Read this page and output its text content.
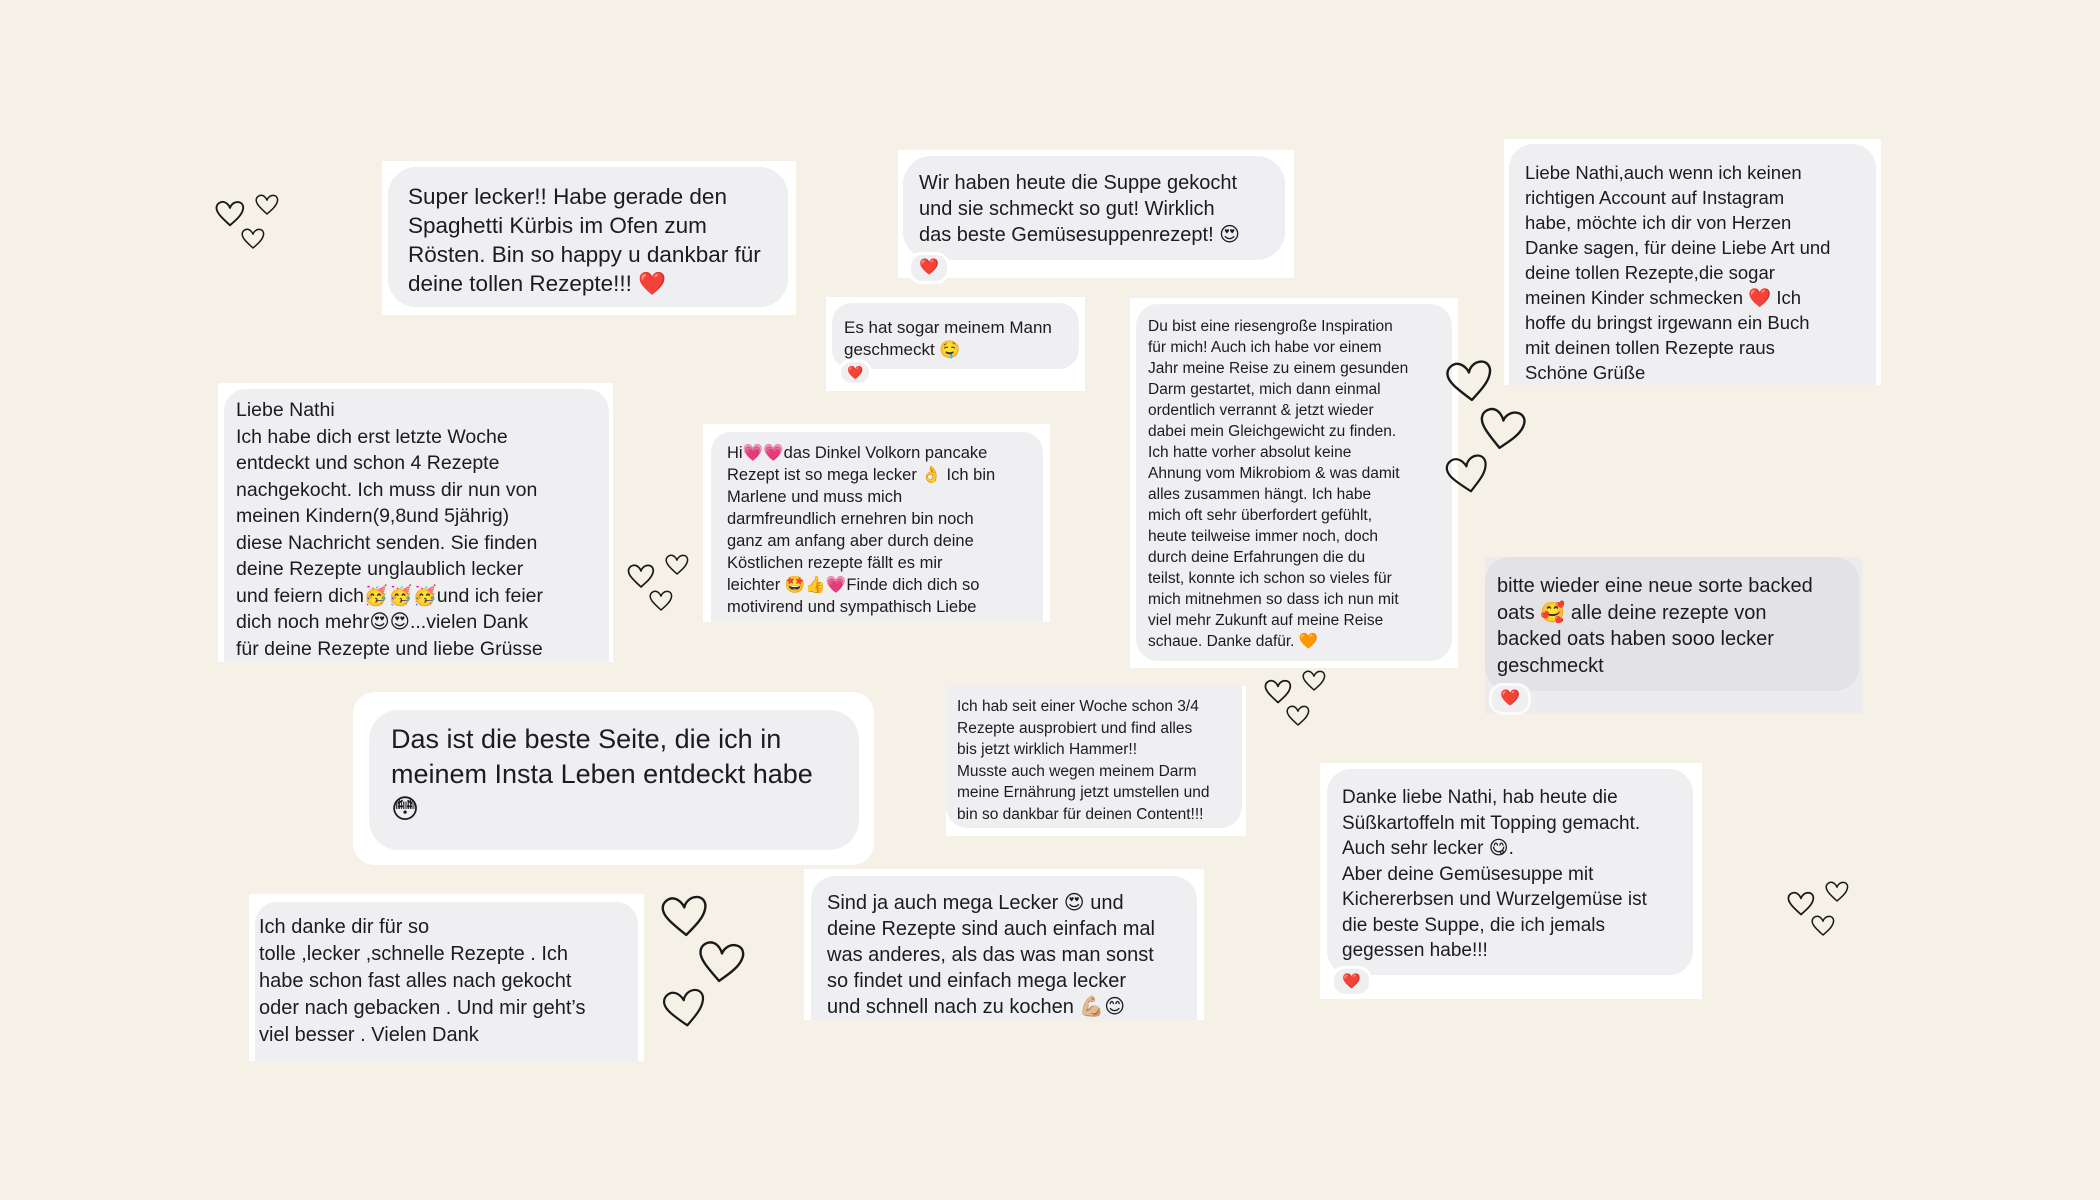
Super lecker!! Habe gerade den
Spaghetti Kürbis im Ofen zum
Rösten. Bin so happy u dankbar für
deine tollen Rezepte!!! ❤️

Wir haben heute die Suppe gekocht
und sie schmeckt so gut! Wirklich
das beste Gemüsesuppenrezept! 😍

❤️

Liebe Nathi,auch wenn ich keinen
richtigen Account auf Instagram
habe, möchte ich dir von Herzen
Danke sagen, für deine Liebe Art und
deine tollen Rezepte,die sogar
meinen Kinder schmecken ❤️ Ich
hoffe du bringst irgewann ein Buch
mit deinen tollen Rezepte raus
Schöne Grüße

Es hat sogar meinem Mann
geschmeckt 🤤

❤️

Du bist eine riesengroße Inspiration
für mich! Auch ich habe vor einem
Jahr meine Reise zu einem gesunden
Darm gestartet, mich dann einmal
ordentlich verrannt & jetzt wieder
dabei mein Gleichgewicht zu finden.
Ich hatte vorher absolut keine
Ahnung vom Mikrobiom & was damit
alles zusammen hängt. Ich habe
mich oft sehr überfordert gefühlt,
heute teilweise immer noch, doch
durch deine Erfahrungen die du
teilst, konnte ich schon so vieles für
mich mitnehmen so dass ich nun mit
viel mehr Zukunft auf meine Reise
schaue. Danke dafür. 🧡

Liebe Nathi
Ich habe dich erst letzte Woche
entdeckt und schon 4 Rezepte
nachgekocht. Ich muss dir nun von
meinen Kindern(9,8und 5jährig)
diese Nachricht senden. Sie finden
deine Rezepte unglaublich lecker
und feiern dich🥳🥳🥳und ich feier
dich noch mehr😍😍...vielen Dank
für deine Rezepte und liebe Grüsse

Hi💗💗das Dinkel Volkorn pancake
Rezept ist so mega lecker 👌 Ich bin
Marlene und muss mich
darmfreundlich ernehren bin noch
ganz am anfang aber durch deine
Köstlichen rezepte fällt es mir
leichter 🤩👍💗Finde dich dich so
motivirend und sympathisch Liebe

bitte wieder eine neue sorte backed
oats 🥰 alle deine rezepte von
backed oats haben sooo lecker
geschmeckt

❤️

Das ist die beste Seite, die ich in
meinem Insta Leben entdeckt habe
😳

Ich hab seit einer Woche schon 3/4
Rezepte ausprobiert und find alles
bis jetzt wirklich Hammer!!
Musste auch wegen meinem Darm
meine Ernährung jetzt umstellen und
bin so dankbar für deinen Content!!!

Danke liebe Nathi, hab heute die
Süßkartoffeln mit Topping gemacht.
Auch sehr lecker 😋.
Aber deine Gemüsesuppe mit
Kichererbsen und Wurzelgemüse ist
die beste Suppe, die ich jemals
gegessen habe!!!

❤️

Ich danke dir für so
tolle ,lecker ,schnelle Rezepte . Ich
habe schon fast alles nach gekocht
oder nach gebacken . Und mir geht’s
viel besser . Vielen Dank

Sind ja auch mega Lecker 😍 und
deine Rezepte sind auch einfach mal
was anderes, als das was man sonst
so findet und einfach mega lecker
und schnell nach zu kochen 💪🏼😊
